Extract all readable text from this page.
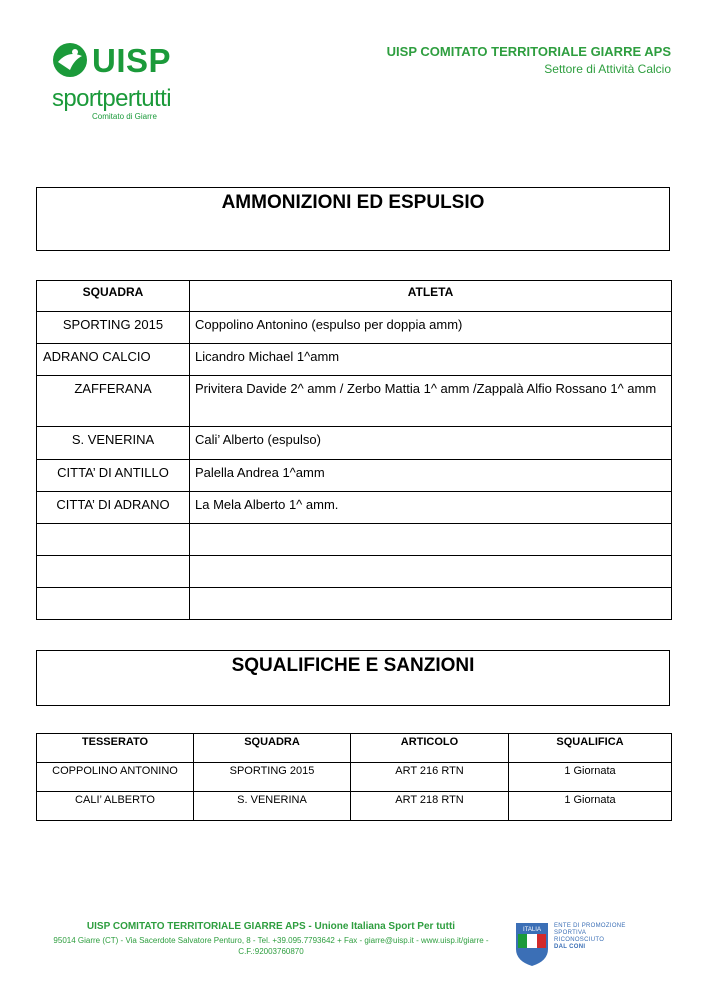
UISP
sportpertutti
Comitato di Giarre
UISP COMITATO TERRITORIALE GIARRE APS
Settore di Attività Calcio
AMMONIZIONI ED ESPULSIO
SQUADRA	ATLETA
SPORTING 2015	Coppolino Antonino (espulso per doppia amm)
ADRANO CALCIO	Licandro Michael 1^amm
ZAFFERANA	Privitera Davide 2^ amm / Zerbo Mattia 1^ amm /Zappalà Alfio Rossano 1^ amm
S. VENERINA	Cali’ Alberto (espulso)
CITTA’ DI ANTILLO	Palella Andrea 1^amm
CITTA’ DI ADRANO	La Mela Alberto 1^ amm.

SQUALIFICHE E SANZIONI
TESSERATO	SQUADRA	ARTICOLO	SQUALIFICA
COPPOLINO ANTONINO	SPORTING 2015	ART 216 RTN	1 Giornata
CALI’ ALBERTO	S. VENERINA	ART 218 RTN	1 Giornata
UISP COMITATO TERRITORIALE GIARRE APS - Unione Italiana Sport Per tutti
95014 Giarre (CT) - Via Sacerdote Salvatore Penturo, 8 - Tel. +39.095.7793642 + Fax - giarre@uisp.it - www.uisp.it/giarre -
C.F.:92003760870
ITALIA
ENTE DI PROMOZIONE
SPORTIVA
RICONOSCIUTO
DAL CONI
